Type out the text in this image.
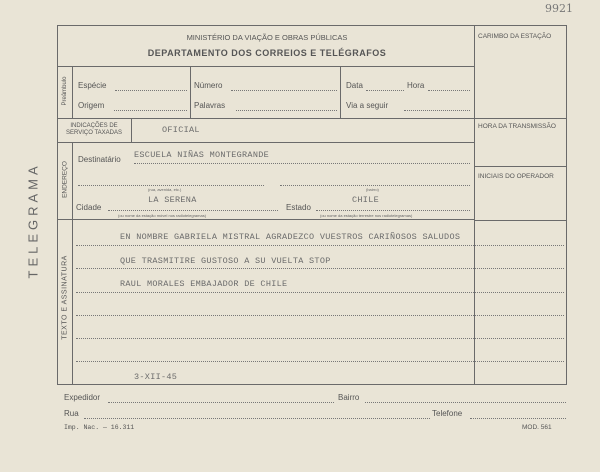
9921
TELEGRAMA
MINISTÉRIO DA VIAÇÃO E OBRAS PÚBLICAS
DEPARTAMENTO DOS CORREIOS E TELÉGRAFOS
CARIMBO DA ESTAÇÃO
Preâmbulo Espécie	Número	Data	Hora
Origem	Palavras	Via a seguir
INDICAÇÕES DE SERVIÇO TAXADAS	OFICIAL	HORA DA TRANSMISSÃO
INICIAIS DO OPERADOR
ENDEREÇO
Destinatário ESCUELA NIÑAS MONTEGRANDE
(rua, avenida, etc.)	(bairro)
Cidade
LA SERENA
(ou nome da estação móvel nos radiotelegramas)
Estado
CHILE
(ou nome da estação terrestre nos radiotelegramas)
TEXTO E ASSINATURA
EN NOMBRE GABRIELA MISTRAL AGRADEZCO VUESTROS CARIÑOSOS SALUDOS
QUE TRASMITIRE GUSTOSO A SU VUELTA STOP
RAUL MORALES EMBAJADOR DE CHILE
3-XII-45
Expedidor	Bairro
Rua	Telefone
Imp. Nac. — 16.311	MOD. 561
